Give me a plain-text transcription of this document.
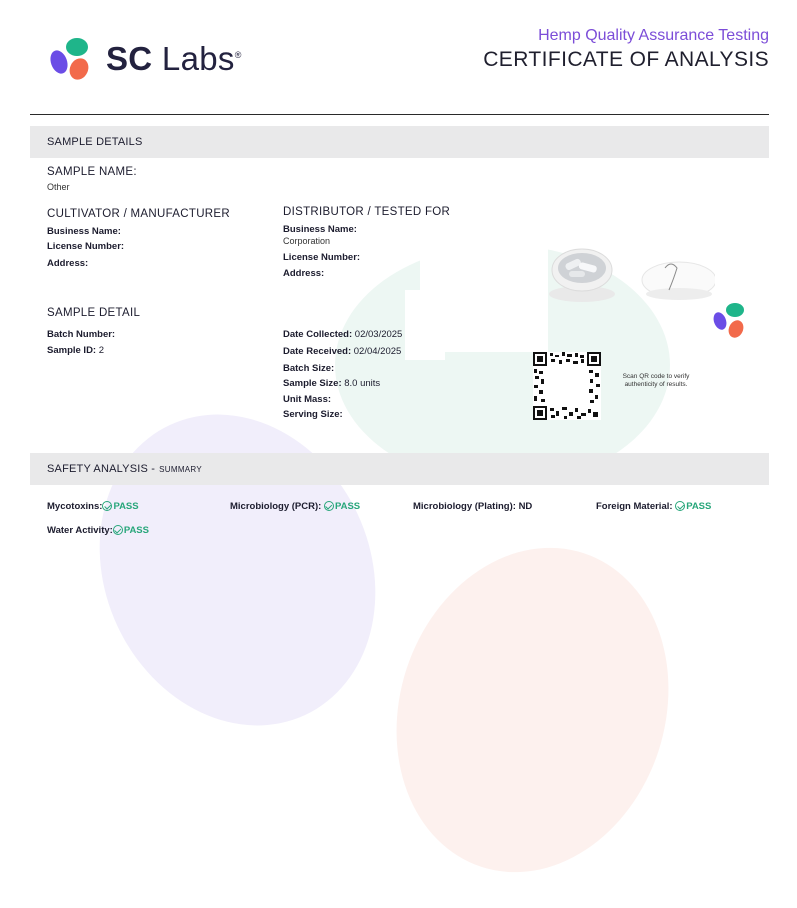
SC Labs®
Hemp Quality Assurance Testing
CERTIFICATE OF ANALYSIS
SAMPLE DETAILS
SAMPLE NAME:
Other
CULTIVATOR / MANUFACTURER
Business Name:
License Number:
Address:
DISTRIBUTOR / TESTED FOR
Business Name:
Corporation
License Number:
Address:
SAMPLE DETAIL
Batch Number:
Sample ID: 2
Date Collected: 02/03/2025
Date Received: 02/04/2025
Batch Size:
Sample Size: 8.0 units
Unit Mass:
Serving Size:
Scan QR code to verify authenticity of results.
SAFETY ANALYSIS - SUMMARY
Mycotoxins: PASS	Microbiology (PCR): PASS	Microbiology (Plating): ND	Foreign Material: PASS
Water Activity: PASS
